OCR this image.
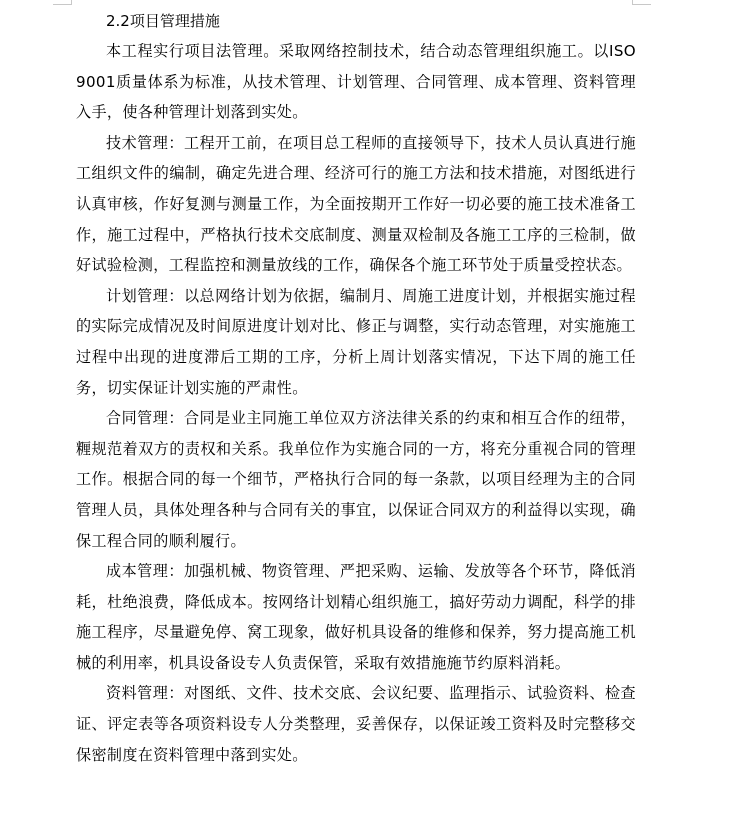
2.2项目管理措施

本工程实行项目法管理。采取网络控制技术，结合动态管理组织施工。以ISO9001质量体系为标准，从技术管理、计划管理、合同管理、成本管理、资料管理入手，使各种管理计划落到实处。

技术管理：工程开工前，在项目总工程师的直接领导下，技术人员认真进行施工组织文件的编制，确定先进合理、经济可行的施工方法和技术措施，对图纸进行认真审核，作好复测与测量工作，为全面按期开工作好一切必要的施工技术准备工作，施工过程中，严格执行技术交底制度、测量双检制及各施工工序的三检制，做好试验检测，工程监控和测量放线的工作，确保各个施工环节处于质量受控状态。

计划管理：以总网络计划为依据，编制月、周施工进度计划，并根据实施过程的实际完成情况及时间原进度计划对比、修正与调整，实行动态管理，对实施施工过程中出现的进度滞后工期的工序，分析上周计划落实情况，下达下周的施工任务，切实保证计划实施的严肃性。

合同管理：合同是业主同施工单位双方济法律关系的约束和相互合作的纽带，糎规范着双方的责权和关系。我单位作为实施合同的一方，将充分重视合同的管理工作。根据合同的每一个细节，严格执行合同的每一条款，以项目经理为主的合同管理人员，具体处理各种与合同有关的事宜，以保证合同双方的利益得以实现，确保工程合同的顺利履行。

成本管理：加强机械、物资管理、严把采购、运输、发放等各个环节，降低消耗，杜绝浪费，降低成本。按网络计划精心组织施工，搞好劳动力调配，科学的排施工程序，尽量避免停、窝工现象，做好机具设备的维修和保养，努力提高施工机械的利用率，机具设备设专人负责保管，采取有效措施施节约原料消耗。

资料管理：对图纸、文件、技术交底、会议纪要、监理指示、试验资料、检查证、评定表等各项资料设专人分类整理，妥善保存，以保证竣工资料及时完整移交保密制度在资料管理中落到实处。
